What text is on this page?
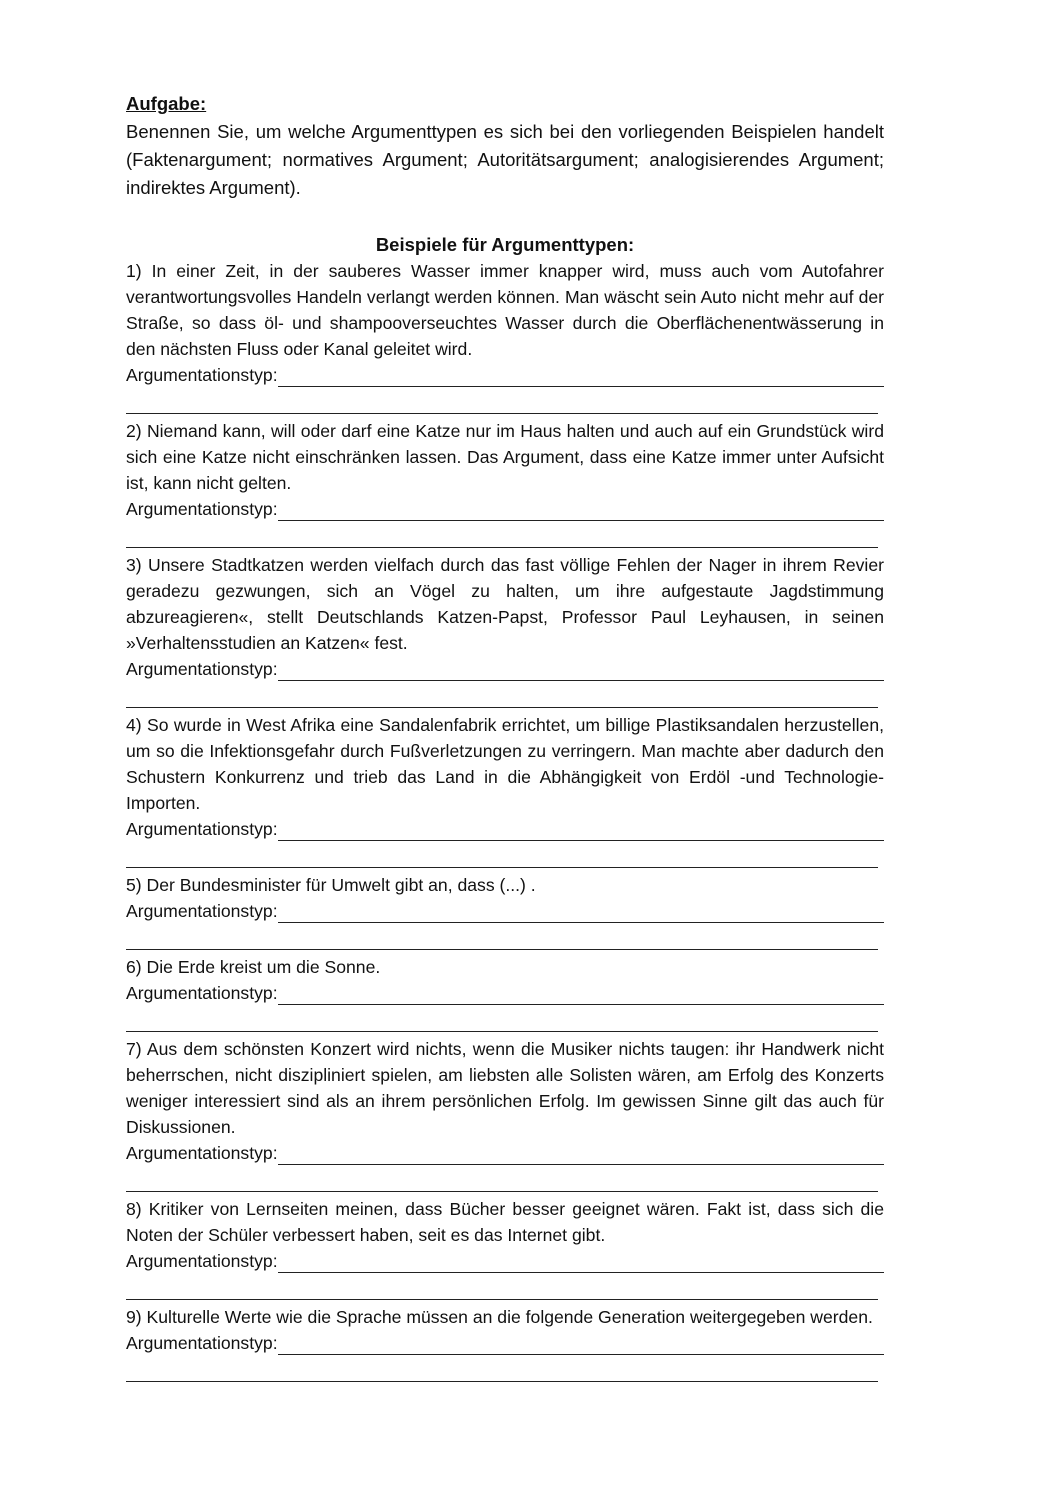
Aufgabe:
Benennen Sie, um welche Argumenttypen es sich bei den vorliegenden Beispielen handelt (Faktenargument; normatives Argument; Autoritätsargument; analogisierendes Argument; indirektes Argument).
Beispiele für Argumenttypen:
1) In einer Zeit, in der sauberes Wasser immer knapper wird, muss auch vom Autofahrer verantwortungsvolles Handeln verlangt werden können. Man wäscht sein Auto nicht mehr auf der Straße, so dass öl- und shampooverseuchtes Wasser durch die Oberflächenentwässerung in den nächsten Fluss oder Kanal geleitet wird.
Argumentationstyp:
2) Niemand kann, will oder darf eine Katze nur im Haus halten und auch auf ein Grundstück wird sich eine Katze nicht einschränken lassen. Das Argument, dass eine Katze immer unter Aufsicht ist, kann nicht gelten.
Argumentationstyp:
3) Unsere Stadtkatzen werden vielfach durch das fast völlige Fehlen der Nager in ihrem Revier geradezu gezwungen, sich an Vögel zu halten, um ihre aufgestaute Jagdstimmung abzureagieren«, stellt Deutschlands Katzen-Papst, Professor Paul Leyhausen, in seinen »Verhaltensstudien an Katzen« fest.
Argumentationstyp:
4) So wurde in West Afrika eine Sandalenfabrik errichtet, um billige Plastiksandalen herzustellen, um so die Infektionsgefahr durch Fußverletzungen zu verringern. Man machte aber dadurch den Schustern Konkurrenz und trieb das Land in die Abhängigkeit von Erdöl -und Technologie-Importen.
Argumentationstyp:
5) Der Bundesminister für Umwelt gibt an, dass (...) .
Argumentationstyp:
6) Die Erde kreist um die Sonne.
Argumentationstyp:
7) Aus dem schönsten Konzert wird nichts, wenn die Musiker nichts taugen: ihr Handwerk nicht beherrschen, nicht diszipliniert spielen, am liebsten alle Solisten wären, am Erfolg des Konzerts weniger interessiert sind als an ihrem persönlichen Erfolg. Im gewissen Sinne gilt das auch für Diskussionen.
Argumentationstyp:
8) Kritiker von Lernseiten meinen, dass Bücher besser geeignet wären. Fakt ist, dass sich die Noten der Schüler verbessert haben, seit es das Internet gibt.
Argumentationstyp:
9) Kulturelle Werte wie die Sprache müssen an die folgende Generation weitergegeben werden.
Argumentationstyp:
